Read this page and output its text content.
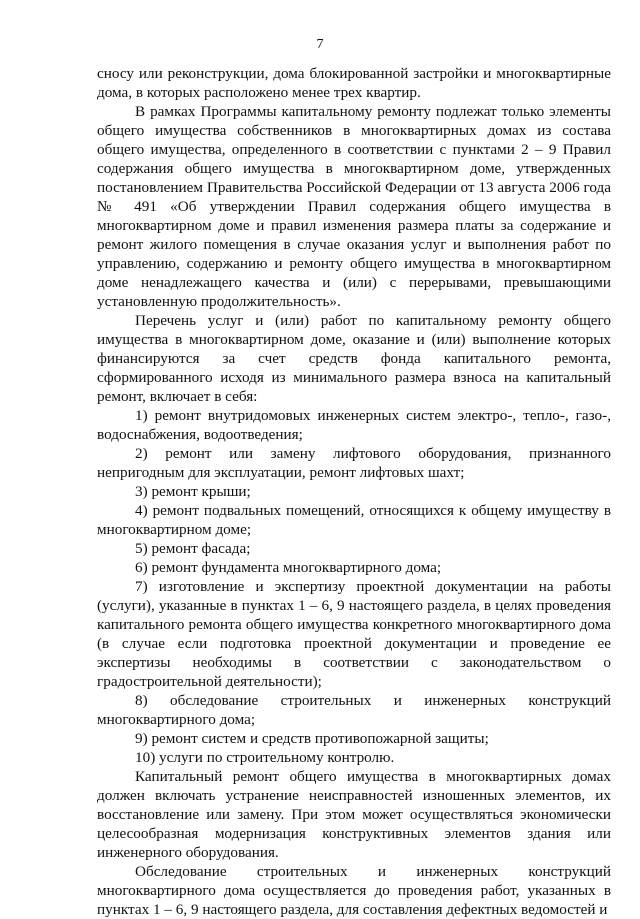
7

сносу или реконструкции, дома блокированной застройки и многоквартирные дома, в которых расположено менее трех квартир.

В рамках Программы капитальному ремонту подлежат только элементы общего имущества собственников в многоквартирных домах из состава общего имущества, определенного в соответствии с пунктами 2 – 9 Правил содержания общего имущества в многоквартирном доме, утвержденных постановлением Правительства Российской Федерации от 13 августа 2006 года № 491 «Об утверждении Правил содержания общего имущества в многоквартирном доме и правил изменения размера платы за содержание и ремонт жилого помещения в случае оказания услуг и выполнения работ по управлению, содержанию и ремонту общего имущества в многоквартирном доме ненадлежащего качества и (или) с перерывами, превышающими установленную продолжительность».

Перечень услуг и (или) работ по капитальному ремонту общего имущества в многоквартирном доме, оказание и (или) выполнение которых финансируются за счет средств фонда капитального ремонта, сформированного исходя из минимального размера взноса на капитальный ремонт, включает в себя:

1) ремонт внутридомовых инженерных систем электро-, тепло-, газо-, водоснабжения, водоотведения;

2) ремонт или замену лифтового оборудования, признанного непригодным для эксплуатации, ремонт лифтовых шахт;

3) ремонт крыши;

4) ремонт подвальных помещений, относящихся к общему имуществу в многоквартирном доме;

5) ремонт фасада;

6) ремонт фундамента многоквартирного дома;

7) изготовление и экспертизу проектной документации на работы (услуги), указанные в пунктах 1 – 6, 9 настоящего раздела, в целях проведения капитального ремонта общего имущества конкретного многоквартирного дома (в случае если подготовка проектной документации и проведение ее экспертизы необходимы в соответствии с законодательством о градостроительной деятельности);

8) обследование строительных и инженерных конструкций многоквартирного дома;

9) ремонт систем и средств противопожарной защиты;

10) услуги по строительному контролю.

Капитальный ремонт общего имущества в многоквартирных домах должен включать устранение неисправностей изношенных элементов, их восстановление или замену. При этом может осуществляться экономически целесообразная модернизация конструктивных элементов здания или инженерного оборудования.

Обследование строительных и инженерных конструкций многоквартирного дома осуществляется до проведения работ, указанных в пунктах 1 – 6, 9 настоящего раздела, для составления дефектных ведомостей и
